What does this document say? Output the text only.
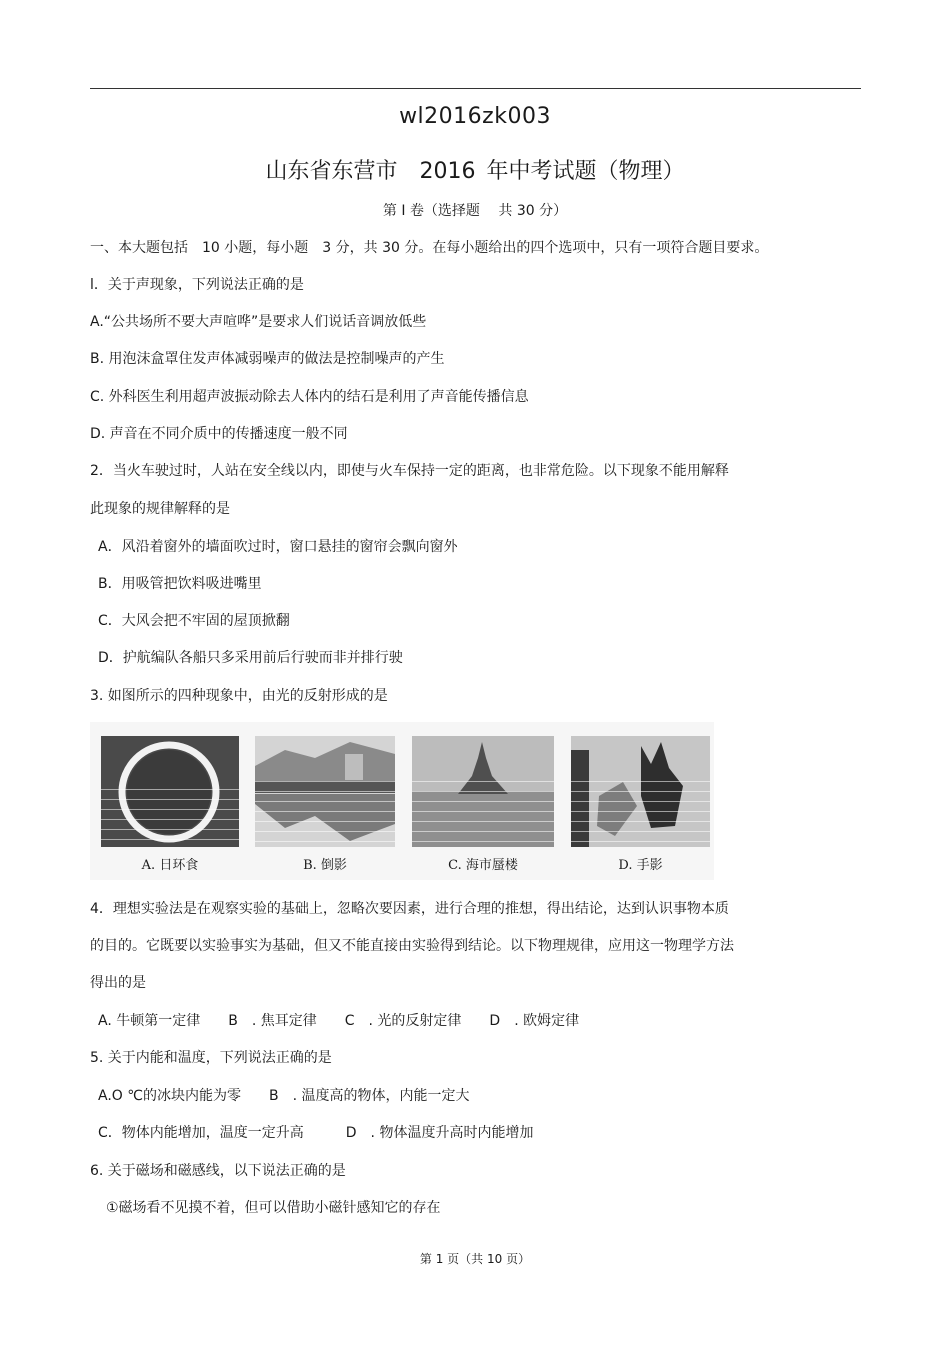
wl2016zk003
山东省东营市　2016 年中考试题（物理）
第 Ⅰ 卷（选择题　 共 30 分）
一、本大题包括　10 小题，每小题　3 分，共 30 分。在每小题给出的四个选项中，只有一项符合题目要求。
l．关于声现象，下列说法正确的是
A.“公共场所不要大声喧哗”是要求人们说话音调放低些
B. 用泡沫盒罩住发声体减弱噪声的做法是控制噪声的产生
C. 外科医生利用超声波振动除去人体内的结石是利用了声音能传播信息
D. 声音在不同介质中的传播速度一般不同
2．当火车驶过时，人站在安全线以内，即使与火车保持一定的距离，也非常危险。以下现象不能用解释
此现象的规律解释的是
A．风沿着窗外的墙面吹过时，窗口悬挂的窗帘会飘向窗外
B．用吸管把饮料吸进嘴里
C．大风会把不牢固的屋顶掀翻
D．护航编队各船只多采用前后行驶而非并排行驶
3. 如图所示的四种现象中，由光的反射形成的是
A. 日环食	B. 倒影	C. 海市蜃楼	D. 手影
4．理想实验法是在观察实验的基础上，忽略次要因素，进行合理的推想，得出结论，达到认识事物本质
的目的。它既要以实验事实为基础，但又不能直接由实验得到结论。以下物理规律，应用这一物理学方法
得出的是
A. 牛顿第一定律　　B　. 焦耳定律　　C　. 光的反射定律　　D　. 欧姆定律
5. 关于内能和温度，下列说法正确的是
A.O ℃的冰块内能为零　　B　. 温度高的物体，内能一定大
C．物体内能增加，温度一定升高　　　D　. 物体温度升高时内能增加
6. 关于磁场和磁感线，以下说法正确的是
①磁场看不见摸不着，但可以借助小磁针感知它的存在
第 1 页（共 10 页）
